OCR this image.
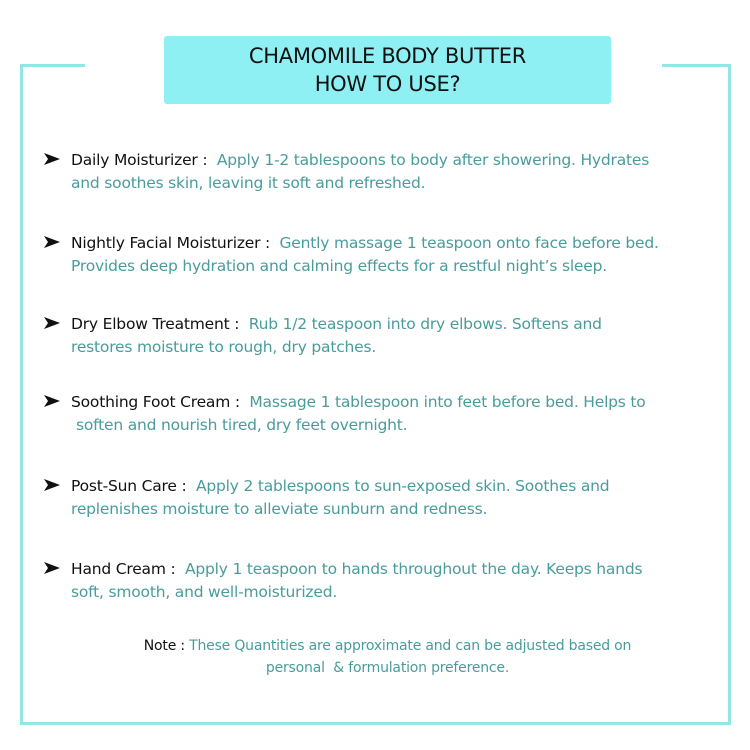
CHAMOMILE BODY BUTTER
HOW TO USE?
Daily Moisturizer : Apply 1-2 tablespoons to body after showering. Hydrates
and soothes skin, leaving it soft and refreshed.
Nightly Facial Moisturizer : Gently massage 1 teaspoon onto face before bed.
Provides deep hydration and calming effects for a restful night’s sleep.
Dry Elbow Treatment : Rub 1/2 teaspoon into dry elbows. Softens and
restores moisture to rough, dry patches.
Soothing Foot Cream : Massage 1 tablespoon into feet before bed. Helps to
soften and nourish tired, dry feet overnight.
Post-Sun Care : Apply 2 tablespoons to sun-exposed skin. Soothes and
replenishes moisture to alleviate sunburn and redness.
Hand Cream : Apply 1 teaspoon to hands throughout the day. Keeps hands
soft, smooth, and well-moisturized.
Note : These Quantities are approximate and can be adjusted based on
personal  & formulation preference.
